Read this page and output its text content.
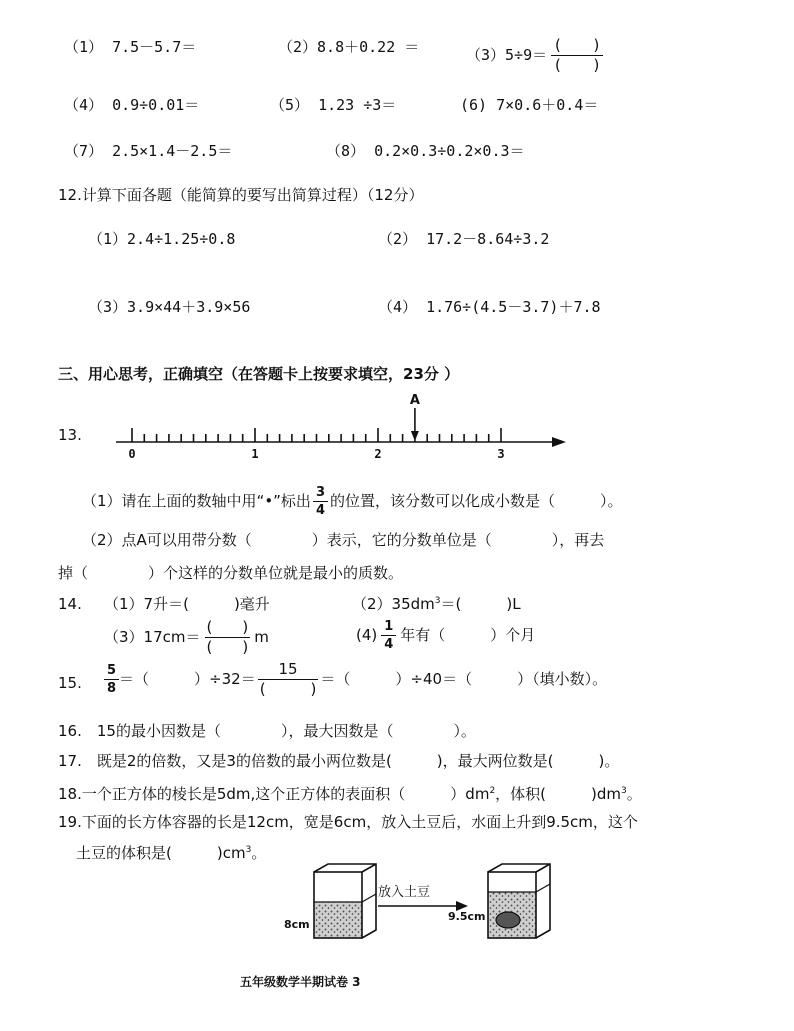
（1） 7.5－5.7＝	（2）8.8＋0.22 ＝	（3） 5÷9＝
(　　)
(　　)
（4） 0.9÷0.01＝	（5） 1.23 ÷3＝	(6) 7×0.6＋0.4＝
（7） 2.5×1.4－2.5＝	（8） 0.2×0.3÷0.2×0.3＝
12.计算下面各题（能简算的要写出简算过程）（12分）
（1）2.4÷1.25÷0.8	（2） 17.2－8.64÷3.2
（3）3.9×44＋3.9×56	（4） 1.76÷(4.5－3.7)＋7.8
三、用心思考，正确填空（在答题卡上按要求填空，23分 ）
13.
0	1	2	3
A
（1）请在上面的数轴中用“•”标出 $\frac{3}{4}$ 的位置，该分数可以化成小数是（　　　）。
（2）点A可以用带分数（　　　　）表示，它的分数单位是（　　　　），再去
掉（　　　　）个这样的分数单位就是最小的质数。
14. （1）7升＝(　　　)毫升	$(2)35dm^3=$(　　　)L
（3）17cm＝
(　　)
(　　)
m	$(4) \frac{1}{4}$ 年有（　　　）个月
15. $\frac{5}{8}$ ＝（　　　）÷32＝
15
(　　　)
＝（　　　）÷40＝（　　　）（填小数）。
16.　15的最小因数是（　　　　），最大因数是（　　　　）。
17.　既是2的倍数，又是3的倍数的最小两位数是(　　　)，最大两位数是(　　　)。
18.一个正方体的棱长是5dm,这个正方体的表面积（　　　）$dm^2$，体积(　　　)$dm^3$。
19.下面的长方体容器的长是12cm，宽是6cm，放入土豆后，水面上升到9.5cm，这个
土豆的体积是(　　　)$cm^3$。
8cm
放入土豆
9.5cm
五年级数学半期试卷 3
